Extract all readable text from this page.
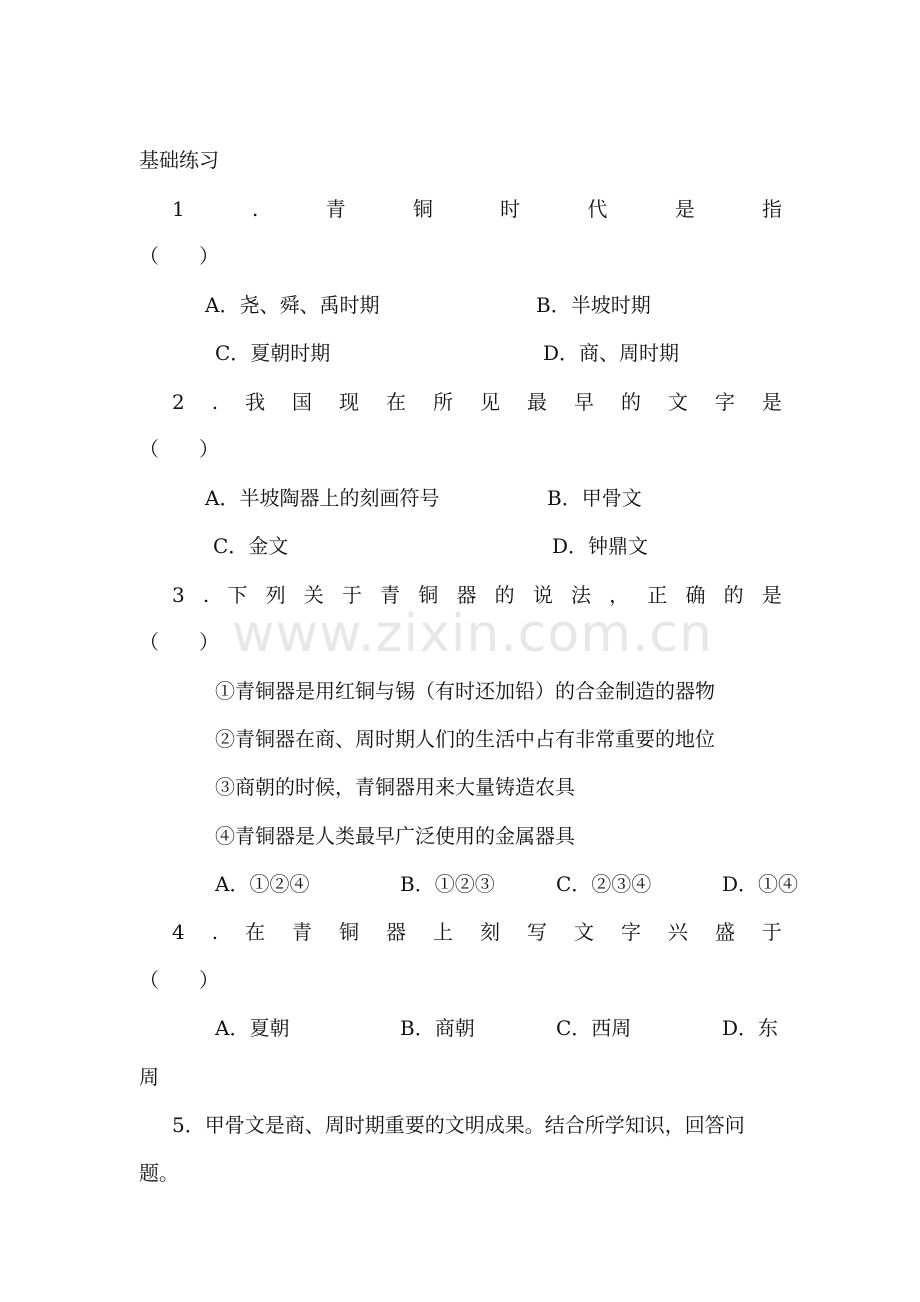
www.zixin.com.cn
基础练习
1	.	青	铜	时	代	是	指
（　　）
A．尧、舜、禹时期	B．半坡时期
C．夏朝时期	D．商、周时期
2 . 我 国 现 在 所 见 最 早 的 文 字 是
（　　）
A．半坡陶器上的刻画符号	B．甲骨文
C．金文	D．钟鼎文
3 . 下 列 关 于 青 铜 器 的 说 法 ， 正 确 的 是
（　　）
①青铜器是用红铜与锡（有时还加铅）的合金制造的器物
②青铜器在商、周时期人们的生活中占有非常重要的地位
③商朝的时候，青铜器用来大量铸造农具
④青铜器是人类最早广泛使用的金属器具
A．①②④	B．①②③	C．②③④	D．①④
4 . 在 青 铜 器 上 刻 写 文 字 兴 盛 于
（　　）
A．夏朝	B．商朝	C．西周	D．东
周
5．甲骨文是商、周时期重要的文明成果。结合所学知识，回答问
题。
